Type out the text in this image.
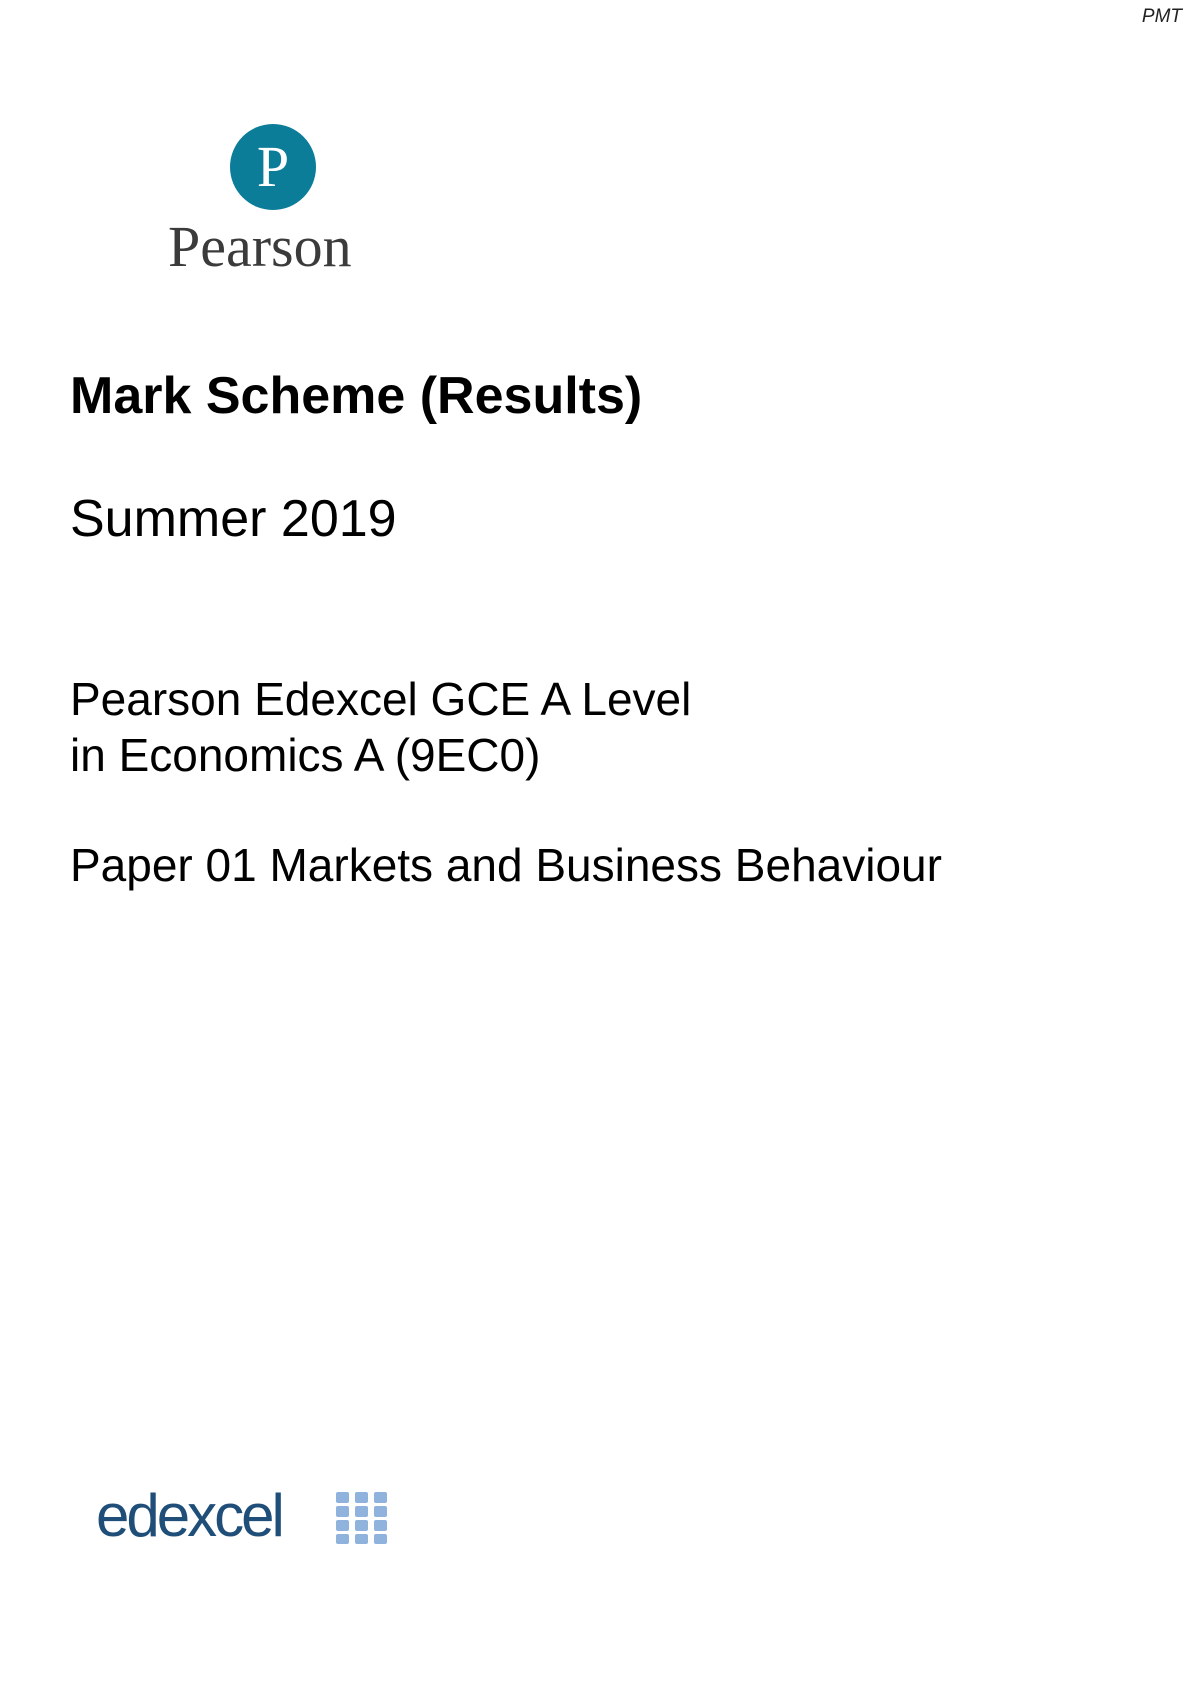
PMT
P
Pearson
Mark Scheme (Results)

Summer 2019

Pearson Edexcel GCE A Level
in Economics A (9EC0)

Paper 01 Markets and Business Behaviour

edexcel
